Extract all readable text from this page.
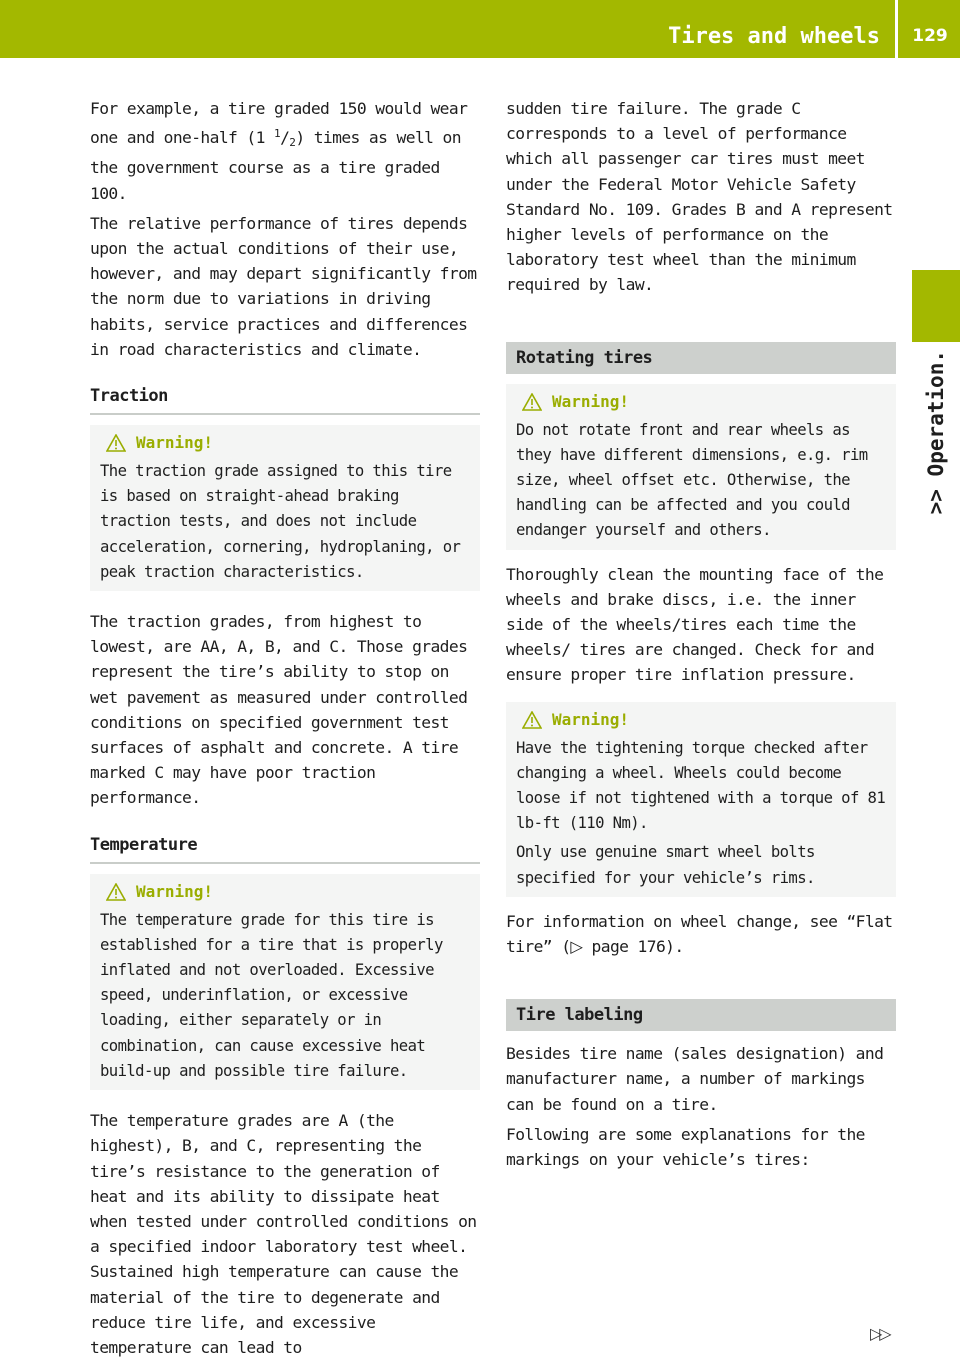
Tires and wheels	129
>> Operation.

For example, a tire graded 150 would wear one and one-half (1 $^1$/2) times as well on the government course as a tire graded 100.

The relative performance of tires depends upon the actual conditions of their use, however, and may depart significantly from the norm due to variations in driving habits, service practices and differences in road characteristics and climate.

Traction
Warning!

The traction grade assigned to this tire is based on straight-ahead braking traction tests, and does not include acceleration, cornering, hydroplaning, or peak traction characteristics.

The traction grades, from highest to lowest, are AA, A, B, and C. Those grades represent the tire’s ability to stop on wet pavement as measured under controlled conditions on specified government test surfaces of asphalt and concrete. A tire marked C may have poor traction performance.

Temperature
Warning!

The temperature grade for this tire is established for a tire that is properly inflated and not overloaded. Excessive speed, underinflation, or excessive loading, either separately or in combination, can cause excessive heat build-up and possible tire failure.

The temperature grades are A (the highest), B, and C, representing the tire’s resistance to the generation of heat and its ability to dissipate heat when tested under controlled conditions on a specified indoor laboratory test wheel. Sustained high temperature can cause the material of the tire to degenerate and reduce tire life, and excessive temperature can lead to

sudden tire failure. The grade C corresponds to a level of performance which all passenger car tires must meet under the Federal Motor Vehicle Safety Standard No. 109. Grades B and A represent higher levels of performance on the laboratory test wheel than the minimum required by law.

Rotating tires
Warning!

Do not rotate front and rear wheels as they have different dimensions, e.g. rim size, wheel offset etc. Otherwise, the handling can be affected and you could endanger yourself and others.

Thoroughly clean the mounting face of the wheels and brake discs, i.e. the inner side of the wheels/tires each time the wheels/ tires are changed. Check for and ensure proper tire inflation pressure.

Warning!

Have the tightening torque checked after changing a wheel. Wheels could become loose if not tightened with a torque of 81 lb-ft (110 Nm).

Only use genuine smart wheel bolts specified for your vehicle’s rims.

For information on wheel change, see “Flat tire” (▷ page 176).

Tire labeling

Besides tire name (sales designation) and manufacturer name, a number of markings can be found on a tire.

Following are some explanations for the markings on your vehicle’s tires:

▷▷
